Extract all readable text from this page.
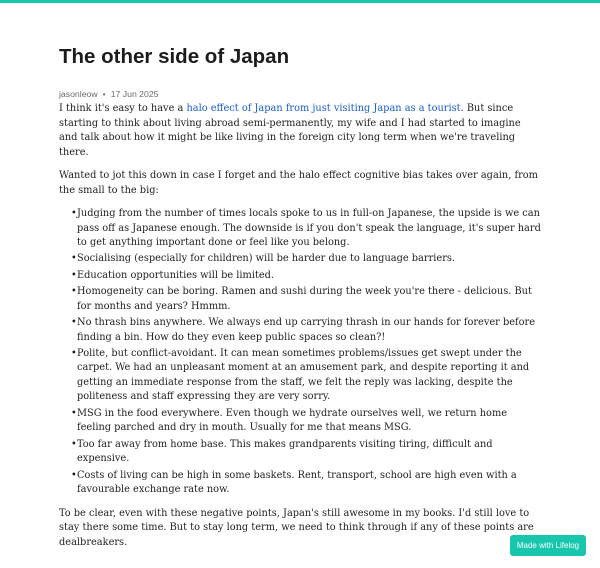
The other side of Japan
jasonleow • 17 Jun 2025

I think it's easy to have a halo effect of Japan from just visiting Japan as a tourist. But since starting to think about living abroad semi-permanently, my wife and I had started to imagine and talk about how it might be like living in the foreign city long term when we're traveling there.

Wanted to jot this down in case I forget and the halo effect cognitive bias takes over again, from the small to the big:

• Judging from the number of times locals spoke to us in full-on Japanese, the upside is we can pass off as Japanese enough. The downside is if you don't speak the language, it's super hard to get anything important done or feel like you belong.
• Socialising (especially for children) will be harder due to language barriers.
• Education opportunities will be limited.
• Homogeneity can be boring. Ramen and sushi during the week you're there - delicious. But for months and years? Hmmm.
• No thrash bins anywhere. We always end up carrying thrash in our hands for forever before finding a bin. How do they even keep public spaces so clean?!
• Polite, but conflict-avoidant. It can mean sometimes problems/issues get swept under the carpet. We had an unpleasant moment at an amusement park, and despite reporting it and getting an immediate response from the staff, we felt the reply was lacking, despite the politeness and staff expressing they are very sorry.
• MSG in the food everywhere. Even though we hydrate ourselves well, we return home feeling parched and dry in mouth. Usually for me that means MSG.
• Too far away from home base. This makes grandparents visiting tiring, difficult and expensive.
• Costs of living can be high in some baskets. Rent, transport, school are high even with a favourable exchange rate now.

To be clear, even with these negative points, Japan's still awesome in my books. I'd still love to stay there some time. But to stay long term, we need to think through if any of these points are dealbreakers.	Made with Lifelog
